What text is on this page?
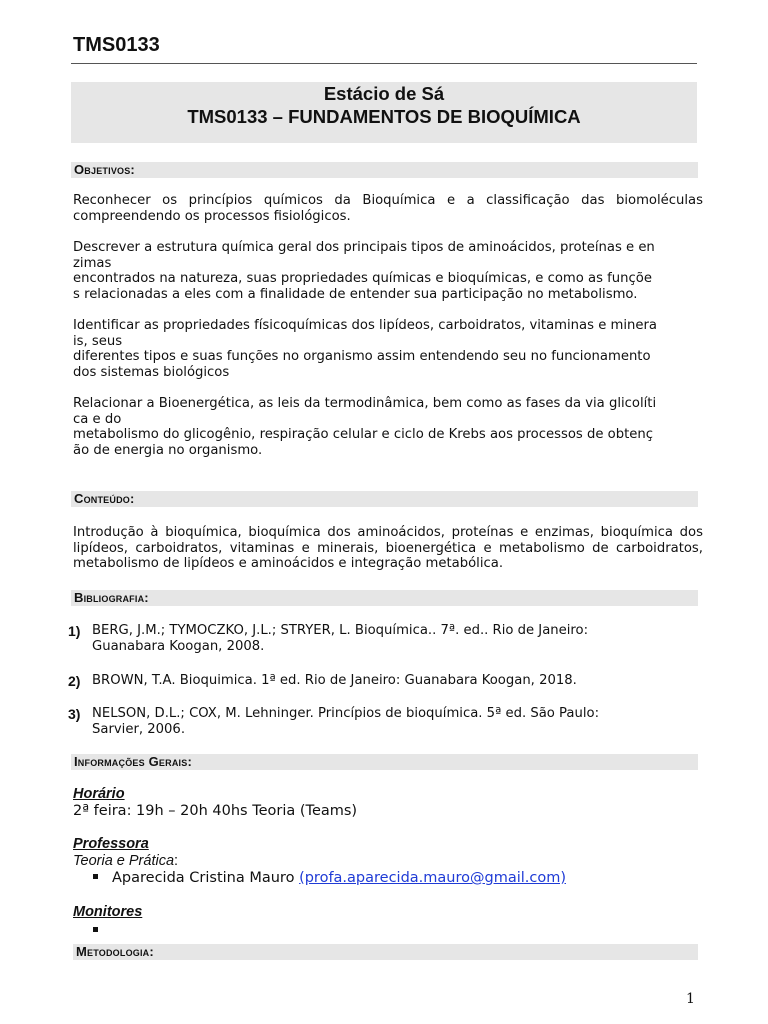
TMS0133
Estácio de Sá
TMS0133 – FUNDAMENTOS DE BIOQUÍMICA
Objetivos:

Reconhecer os princípios químicos da Bioquímica e a classificação das biomoléculas compreendendo os processos fisiológicos.

Descrever a estrutura química geral dos principais tipos de aminoácidos, proteínas e en
zimas
encontrados na natureza, suas propriedades químicas e bioquímicas, e como as funçõe
s relacionadas a eles com a finalidade de entender sua participação no metabolismo.

Identificar as propriedades físicoquímicas dos lipídeos, carboidratos, vitaminas e minera
is, seus
diferentes tipos e suas funções no organismo assim entendendo seu no funcionamento
dos sistemas biológicos

Relacionar a Bioenergética, as leis da termodinâmica, bem como as fases da via glicolíti
ca e do
metabolismo do glicogênio, respiração celular e ciclo de Krebs aos processos de obtenç
ão de energia no organismo.

Conteúdo:

Introdução à bioquímica, bioquímica dos aminoácidos, proteínas e enzimas, bioquímica dos lipídeos, carboidratos, vitaminas e minerais, bioenergética e metabolismo de carboidratos, metabolismo de lipídeos e aminoácidos e integração metabólica.

Bibliografia:
1) BERG, J.M.; TYMOCZKO, J.L.; STRYER, L. Bioquímica.. 7ª. ed.. Rio de Janeiro:
Guanabara Koogan, 2008.
2) BROWN, T.A. Bioquimica. 1ª ed. Rio de Janeiro: Guanabara Koogan, 2018.
3) NELSON, D.L.; COX, M. Lehninger. Princípios de bioquímica. 5ª ed. São Paulo:
Sarvier, 2006.
Informações Gerais:
Horário
2ª feira: 19h – 20h 40hs Teoria (Teams)
Professora
Teoria e Prática:
Aparecida Cristina Mauro (profa.aparecida.mauro@gmail.com)
Monitores
Metodologia:
1
